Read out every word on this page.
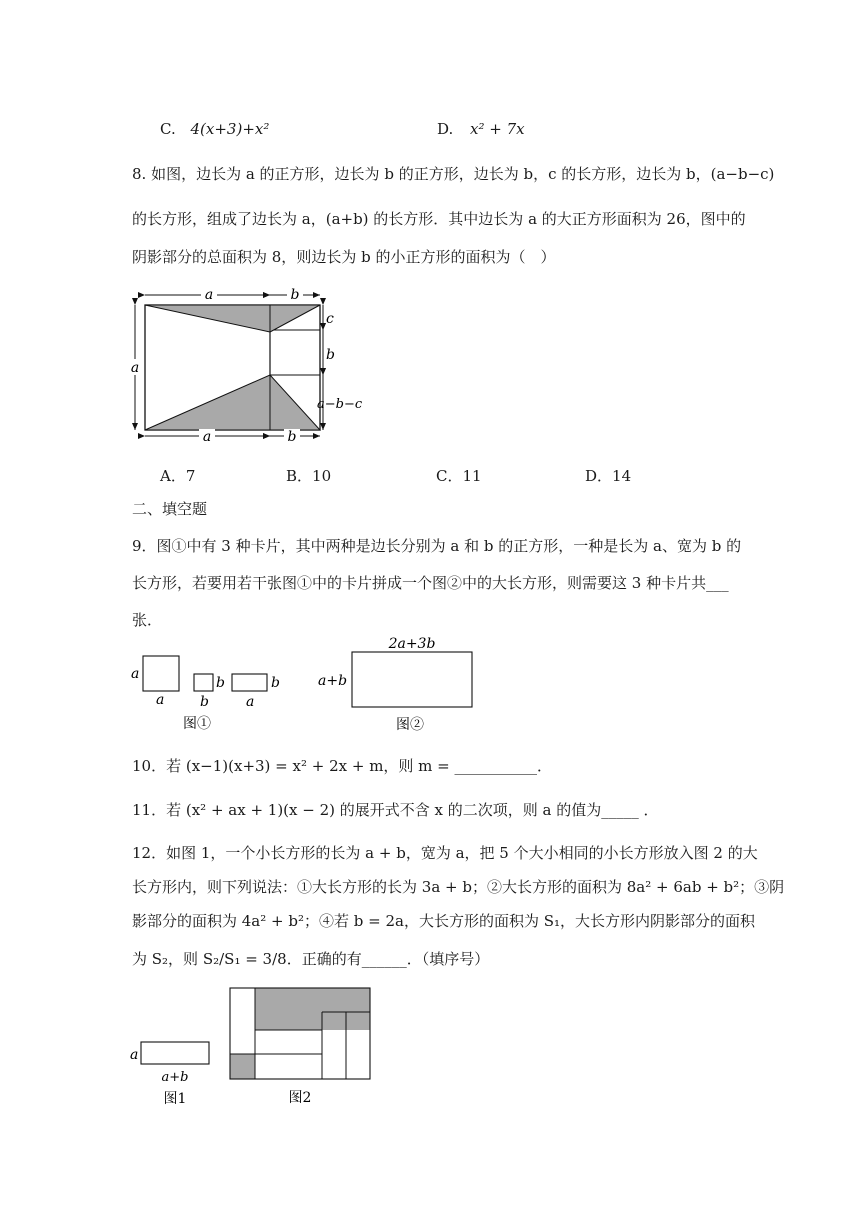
C. 4(x+3)+x²	D. x² + 7x
8. 如图，边长为 a 的正方形，边长为 b 的正方形，边长为 b，c 的长方形，边长为 b，(a−b−c)
的长方形，组成了边长为 a，(a+b) 的长方形．其中边长为 a 的大正方形面积为 26，图中的
阴影部分的总面积为 8，则边长为 b 的小正方形的面积为（　）
a	b
a
c
b
a−b−c
a	b
A．7	B．10	C．11	D．14
二、填空题
9．图①中有 3 种卡片，其中两种是边长分别为 a 和 b 的正方形，一种是长为 a、宽为 b 的
长方形，若要用若干张图①中的卡片拼成一个图②中的大长方形，则需要这 3 种卡片共___
张．
a
a
b
b
b
a
图①
2a+3b
a+b
图②
10．若 (x−1)(x+3) = x² + 2x + m，则 m = ___________．
11．若 (x² + ax + 1)(x − 2) 的展开式不含 x 的二次项，则 a 的值为_____ ．
12．如图 1，一个小长方形的长为 a + b，宽为 a，把 5 个大小相同的小长方形放入图 2 的大
长方形内，则下列说法：①大长方形的长为 3a + b；②大长方形的面积为 8a² + 6ab + b²；③阴
影部分的面积为 4a² + b²；④若 b = 2a，大长方形的面积为 S₁，大长方形内阴影部分的面积
为 S₂，则 S₂/S₁ = 3/8．正确的有______．（填序号）
a
a+b
图1	图2
